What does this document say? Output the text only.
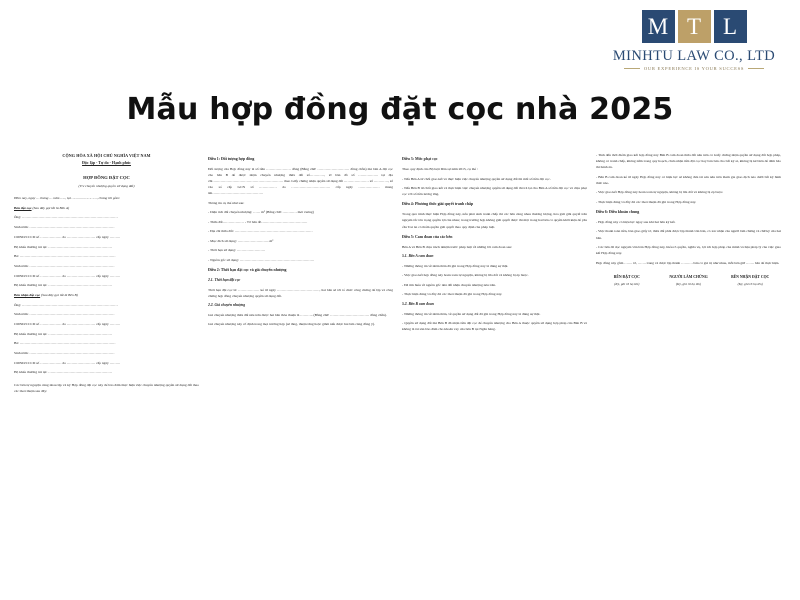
M T L
MINHTU LAW CO., LTD
OUR EXPERIENCE IS YOUR SUCCESS
Mẫu hợp đồng đặt cọc nhà 2025
CỘNG HÒA XÃ HỘI CHỦ NGHĨA VIỆT NAM
Độc lập - Tự do - Hạnh phúc
HỢP ĐỒNG ĐẶT CỌC
(V/v chuyển nhượng quyền sử dụng đất)

Hôm nay, ngày … tháng … năm ….., tại ……………………, chúng tôi gồm:

Bên đặt cọc (Sau đây gọi tắt là Bên A)

Ông: ………………………………………………………………………

Sinh năm: ………………………………………………………………

CMND/CCCD số ……………… do …………………… cấp ngày ………

Hộ khẩu thường trú tại: ………………………………………………

Bà: ………………………………………………………………………

Sinh năm: ………………………………………………………………

CMND/CCCD số ……………… do …………………… cấp ngày ………

Hộ khẩu thường trú tại: ………………………………………………

Bên nhận đặt cọc (Sau đây gọi tắt là Bên B)

Ông: ………………………………………………………………………

Sinh năm: ………………………………………………………………

CMND/CCCD số ……………… do …………………… cấp ngày ………

Hộ khẩu thường trú tại: ………………………………………………

Bà: ………………………………………………………………………

Sinh năm: ………………………………………………………………

CMND/CCCD số ……………… do …………………… cấp ngày ………

Hộ khẩu thường trú tại: ………………………………………………

Các bên tự nguyện cùng nhau lập và ký Hợp đồng đặt cọc này để bảo đảm thực hiện việc chuyển nhượng quyền sử dụng đất theo các thoả thuận sau đây:

Điều 1: Đối tượng hợp đồng

Đối tượng của Hợp đồng này là số tiền ………………… đồng (Bằng chữ: ……………………… đồng chẵn) mà bên A đặt cọc cho bên B để được nhận chuyển nhượng thửa đất số…………, tờ bản đồ số …………….. tại địa chỉ…………………………………………………… theo Giấy chứng nhận quyền sử dụng đất ………………… số …………, số vào sổ cấp GCN số …………… do …………………………… cấp ngày ……………… mang tên…………………………………….

Thông tin cụ thể như sau:

- Diện tích đất chuyển nhượng: …… m² (Bằng chữ: ………… mét vuông)

- Thửa đất……………… - Tờ bản đồ…………………………………

- Địa chỉ thửa đất: …………………………………………………………

- Mục đích sử dụng: ………………………m²

- Thời hạn sử dụng: ……………………

- Nguồn gốc sử dụng: ………………………………………………………

Điều 2: Thời hạn đặt cọc và giá chuyển nhượng
2.1. Thời hạn đặt cọc

Thời hạn đặt cọc là: ……………… kể từ ngày ………………………………, hai bên sẽ tới tổ chức công chứng để lập và công chứng hợp đồng chuyển nhượng quyền sử dụng đất.

2.2. Giá chuyển nhượng

Giá chuyển nhượng thửa đất nêu trên được hai bên thỏa thuận là ……….. (Bằng chữ: …………………………… đồng chẵn).

Giá chuyển nhượng này cố định trong mọi trường hợp (sẽ tăng, thuận tăng hoặc giảm nếu được hai bên cùng đồng ý).

Điều 3: Mức phạt cọc

Theo quy định của Bộ luật Dân sự năm 2015, cụ thể :

- Nếu Bên A từ chối giao kết và thực hiện việc chuyển nhượng quyền sử dụng đất thì mất số tiền đặt cọc.

- Nếu Bên B từ chối giao kết và thực hiện việc chuyển nhượng quyền sử dụng đất thì trả lại cho Bên A số tiền đặt cọc và chịu phạt cọc với số tiền tương ứng.

Điều 4: Phương thức giải quyết tranh chấp

Trong quá trình thực hiện Hợp đồng này, nếu phát sinh tranh chấp thì các bên cùng nhau thương lượng, hòa giải giải quyết trên nguyên tắc tôn trọng quyền lợi của nhau; trong trường hợp không giải quyết được thì một trong hai bên có quyền khởi kiện để yêu cầu Toà án có thẩm quyền giải quyết theo quy định của pháp luật.

Điều 5: Cam đoan của các bên

Bên A và Bên B chịu trách nhiệm trước pháp luật về những lời cam đoan sau:

5.1. Bên A cam đoan

- Những thông tin về nhân thân đã ghi trong Hợp đồng này là đúng sự thật.

- Việc giao kết hợp đồng này hoàn toàn tự nguyện, không bị lừa dối và không bị ép buộc.

- Đã tìm hiểu về nguồn gốc nhà đất nhận chuyển nhượng nêu trên.

- Thực hiện đúng và đầy đủ các thoả thuận đã ghi trong Hợp đồng này.

5.2. Bên B cam đoan

- Những thông tin về nhân thân, về quyền sử dụng đất đã ghi trong Hợp đồng này là đúng sự thật.

- Quyền sử dụng đất mà Bên B đã nhận tiền đặt cọc để chuyển nhượng cho Bên A thuộc quyền sử dụng hợp pháp của Bên B và không là tài sản bảo đảm cho khoản vay của bên B tại Ngân hàng.

- Tính đến thời điểm giao kết hợp đồng này Bên B cam đoan thửa đất nêu trên có Giấy chứng nhận quyền sử dụng đất hợp pháp, không có tranh chấp, không nằm trong quy hoạch, chưa nhận tiền đặt cọc hay bán bán cho bất kỳ ai, không bị kê biên để đảm bảo thi hành án.

- Bên B cam đoan kể từ ngày Hợp đồng này có hiệu lực sẽ không đưa tài sản nêu trên tham gia giao dịch nào dưới bất kỳ hình thức nào.

- Việc giao kết Hợp đồng này hoàn toàn tự nguyện, không bị lừa dối và không bị ép buộc.

- Thực hiện đúng và đầy đủ các thoả thuận đã ghi trong Hợp đồng này.

Điều 6: Điều khoản chung

- Hợp đồng này có hiệu lực ngay sau khi hai bên ký kết.

- Việc thanh toán tiền, bàn giao giấy tờ, thửa đất phải được lập thành văn bản, có xác nhận của người làm chứng và chữ ký của hai bên.

- Các bên đã đọc nguyên văn bản Hợp đồng này, hiểu rõ quyền, nghĩa vụ, lợi ích hợp pháp của mình và hậu pháp lý của việc giao kết Hợp đồng này.

Hợp đồng này gồm ……. tờ, ……. trang và được lập thành ………. bản có giá trị như nhau, mỗi bên giữ ……. bản để thực hiện.

BÊN ĐẶT CỌC
(Ký, ghi rõ họ tên)
NGƯỜI LÀM CHỨNG
(Ký, ghi rõ họ tên)
BÊN NHẬN ĐẶT CỌC
(Ký, ghi rõ họ tên)
